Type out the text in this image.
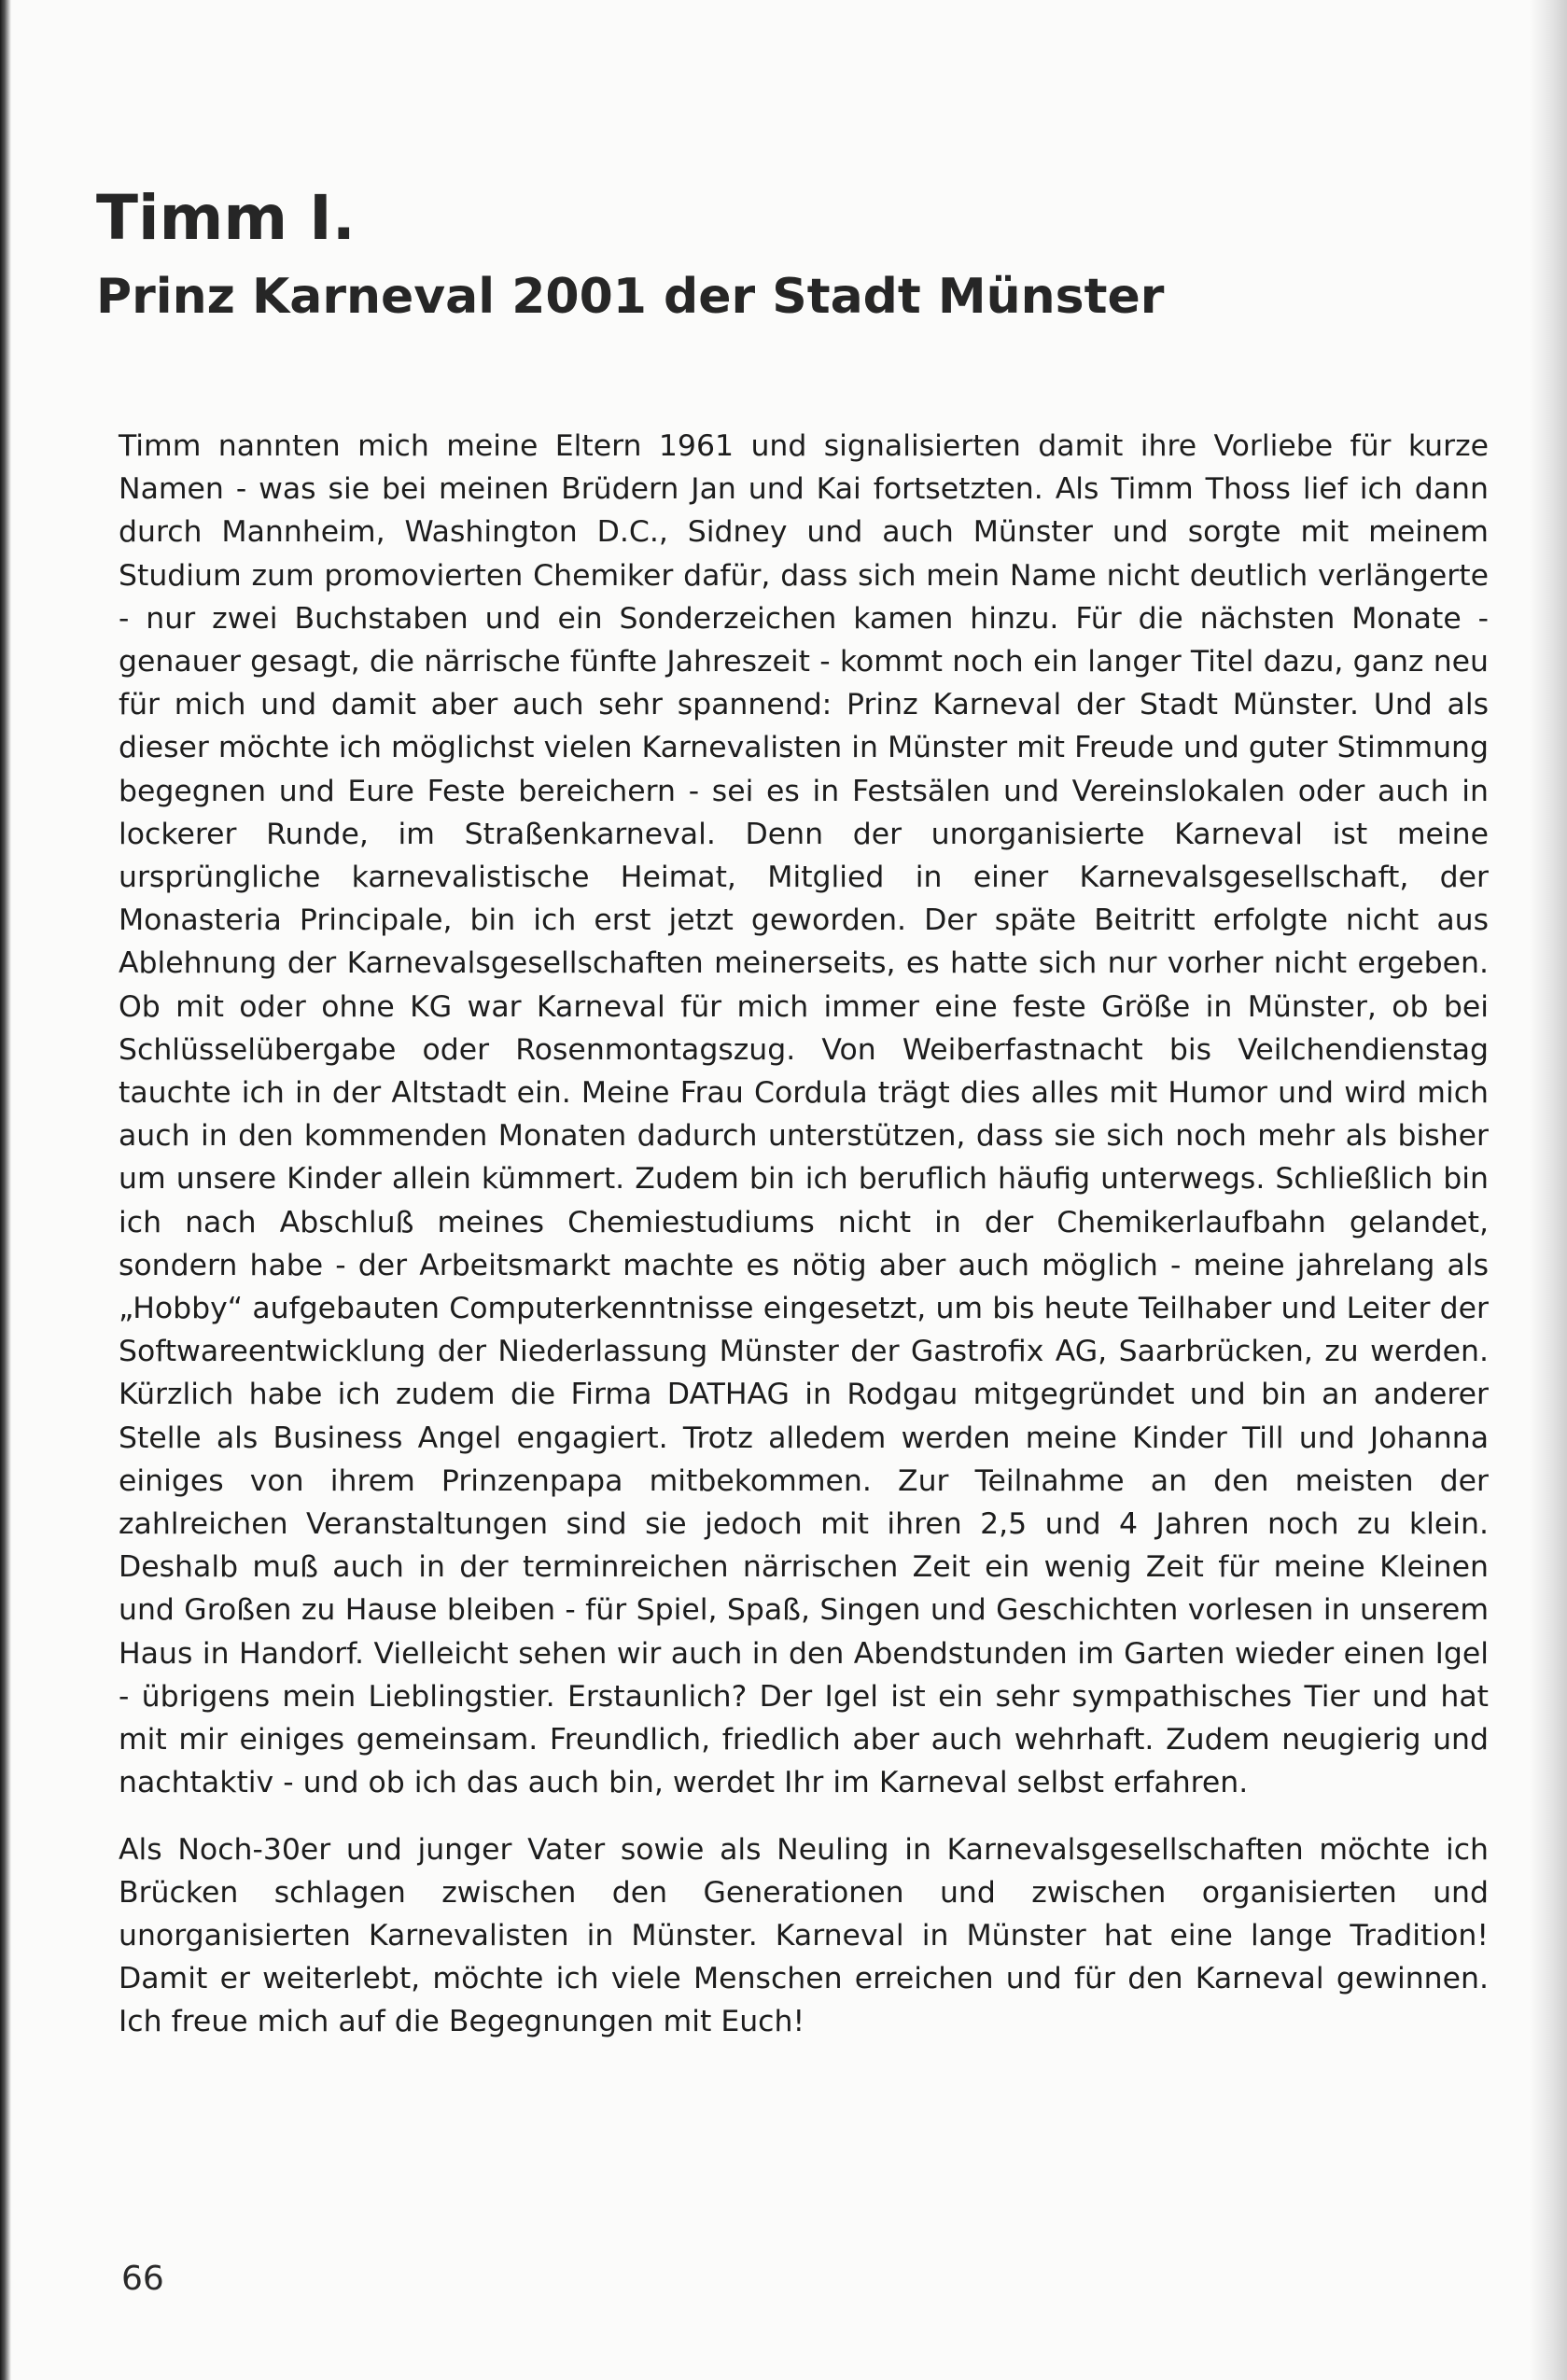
Timm I.
Prinz Karneval 2001 der Stadt Münster

Timm nannten mich meine Eltern 1961 und signalisierten damit ihre Vorliebe für kurze Namen - was sie bei meinen Brüdern Jan und Kai fortsetzten. Als Timm Thoss lief ich dann durch Mannheim, Washington D.C., Sidney und auch Münster und sorgte mit meinem Studium zum promovierten Chemiker dafür, dass sich mein Name nicht deutlich verlängerte - nur zwei Buchstaben und ein Sonderzeichen kamen hinzu. Für die nächsten Monate - genauer gesagt, die närrische fünfte Jahreszeit - kommt noch ein langer Titel dazu, ganz neu für mich und damit aber auch sehr spannend: Prinz Karneval der Stadt Münster. Und als dieser möchte ich möglichst vielen Karnevalisten in Münster mit Freude und guter Stimmung begegnen und Eure Feste bereichern - sei es in Festsälen und Vereinslokalen oder auch in lockerer Runde, im Straßenkarneval. Denn der unorganisierte Karneval ist meine ursprüngliche karnevalistische Heimat, Mitglied in einer Karnevalsgesellschaft, der Monasteria Principale, bin ich erst jetzt geworden. Der späte Beitritt erfolgte nicht aus Ablehnung der Karnevalsgesellschaften meinerseits, es hatte sich nur vorher nicht ergeben. Ob mit oder ohne KG war Karneval für mich immer eine feste Größe in Münster, ob bei Schlüsselübergabe oder Rosenmontagszug. Von Weiberfastnacht bis Veilchendienstag tauchte ich in der Altstadt ein. Meine Frau Cordula trägt dies alles mit Humor und wird mich auch in den kommenden Monaten dadurch unterstützen, dass sie sich noch mehr als bisher um unsere Kinder allein kümmert. Zudem bin ich beruflich häufig unterwegs. Schließlich bin ich nach Abschluß meines Chemiestudiums nicht in der Chemikerlaufbahn gelandet, sondern habe - der Arbeitsmarkt machte es nötig aber auch möglich - meine jahrelang als „Hobby“ aufgebauten Computerkenntnisse eingesetzt, um bis heute Teilhaber und Leiter der Softwareentwicklung der Niederlassung Münster der Gastrofix AG, Saarbrücken, zu werden. Kürzlich habe ich zudem die Firma DATHAG in Rodgau mitgegründet und bin an anderer Stelle als Business Angel engagiert. Trotz alledem werden meine Kinder Till und Johanna einiges von ihrem Prinzenpapa mitbekommen. Zur Teilnahme an den meisten der zahlreichen Veranstaltungen sind sie jedoch mit ihren 2,5 und 4 Jahren noch zu klein. Deshalb muß auch in der terminreichen närrischen Zeit ein wenig Zeit für meine Kleinen und Großen zu Hause bleiben - für Spiel, Spaß, Singen und Geschichten vorlesen in unserem Haus in Handorf. Vielleicht sehen wir auch in den Abendstunden im Garten wieder einen Igel - übrigens mein Lieblingstier. Erstaunlich? Der Igel ist ein sehr sympathisches Tier und hat mit mir einiges gemeinsam. Freundlich, friedlich aber auch wehrhaft. Zudem neugierig und nachtaktiv - und ob ich das auch bin, werdet Ihr im Karneval selbst erfahren.

Als Noch-30er und junger Vater sowie als Neuling in Karnevalsgesellschaften möchte ich Brücken schlagen zwischen den Generationen und zwischen organisierten und unorganisierten Karnevalisten in Münster. Karneval in Münster hat eine lange Tradition! Damit er weiterlebt, möchte ich viele Menschen erreichen und für den Karneval gewinnen. Ich freue mich auf die Begegnungen mit Euch!

66
